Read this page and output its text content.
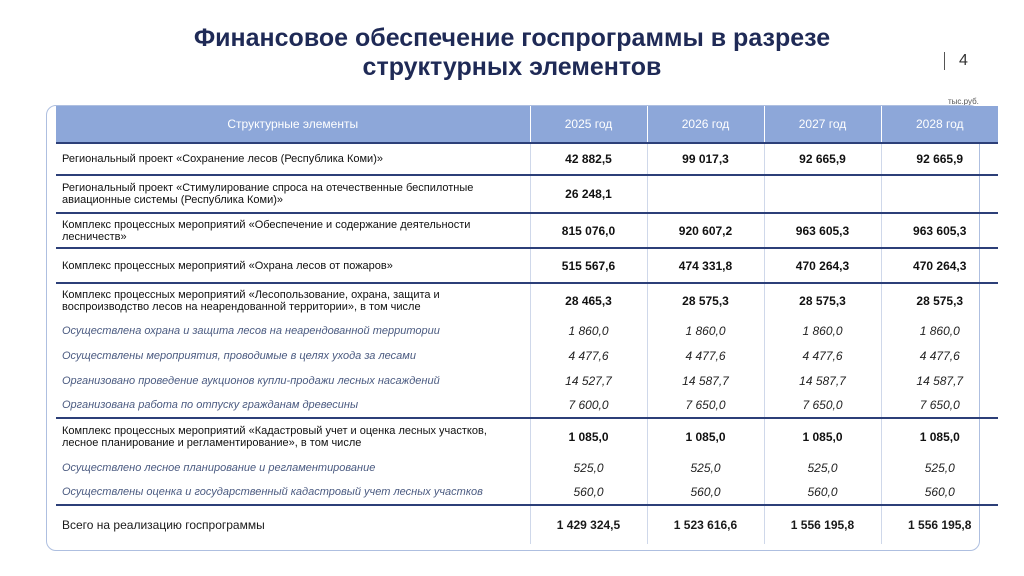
Финансовое обеспечение госпрограммы в разрезе
структурных элементов	4
тыс.руб.
Структурные элементы	2025 год	2026 год	2027 год	2028 год
Региональный проект «Сохранение лесов (Республика Коми)»	42 882,5	99 017,3	92 665,9	92 665,9
Региональный проект «Стимулирование спроса на отечественные беспилотные авиационные системы (Республика Коми)»	26 248,1			
Комплекс процессных мероприятий «Обеспечение и содержание деятельности лесничеств»	815 076,0	920 607,2	963 605,3	963 605,3
Комплекс процессных мероприятий «Охрана лесов от пожаров»	515 567,6	474 331,8	470 264,3	470 264,3
Комплекс процессных мероприятий «Лесопользование, охрана, защита и воспроизводство лесов на неарендованной территории», в том числе	28 465,3	28 575,3	28 575,3	28 575,3
Осуществлена охрана и защита лесов на неарендованной территории	1 860,0	1 860,0	1 860,0	1 860,0
Осуществлены мероприятия, проводимые в целях ухода за лесами	4 477,6	4 477,6	4 477,6	4 477,6
Организовано проведение аукционов купли-продажи лесных насаждений	14 527,7	14 587,7	14 587,7	14 587,7
Организована работа по отпуску гражданам древесины	7 600,0	7 650,0	7 650,0	7 650,0
Комплекс процессных мероприятий «Кадастровый учет и оценка лесных участков, лесное планирование и регламентирование», в том числе	1 085,0	1 085,0	1 085,0	1 085,0
Осуществлено лесное планирование и регламентирование	525,0	525,0	525,0	525,0
Осуществлены оценка и государственный кадастровый учет лесных участков	560,0	560,0	560,0	560,0
Всего на реализацию госпрограммы	1 429 324,5	1 523 616,6	1 556 195,8	1 556 195,8
